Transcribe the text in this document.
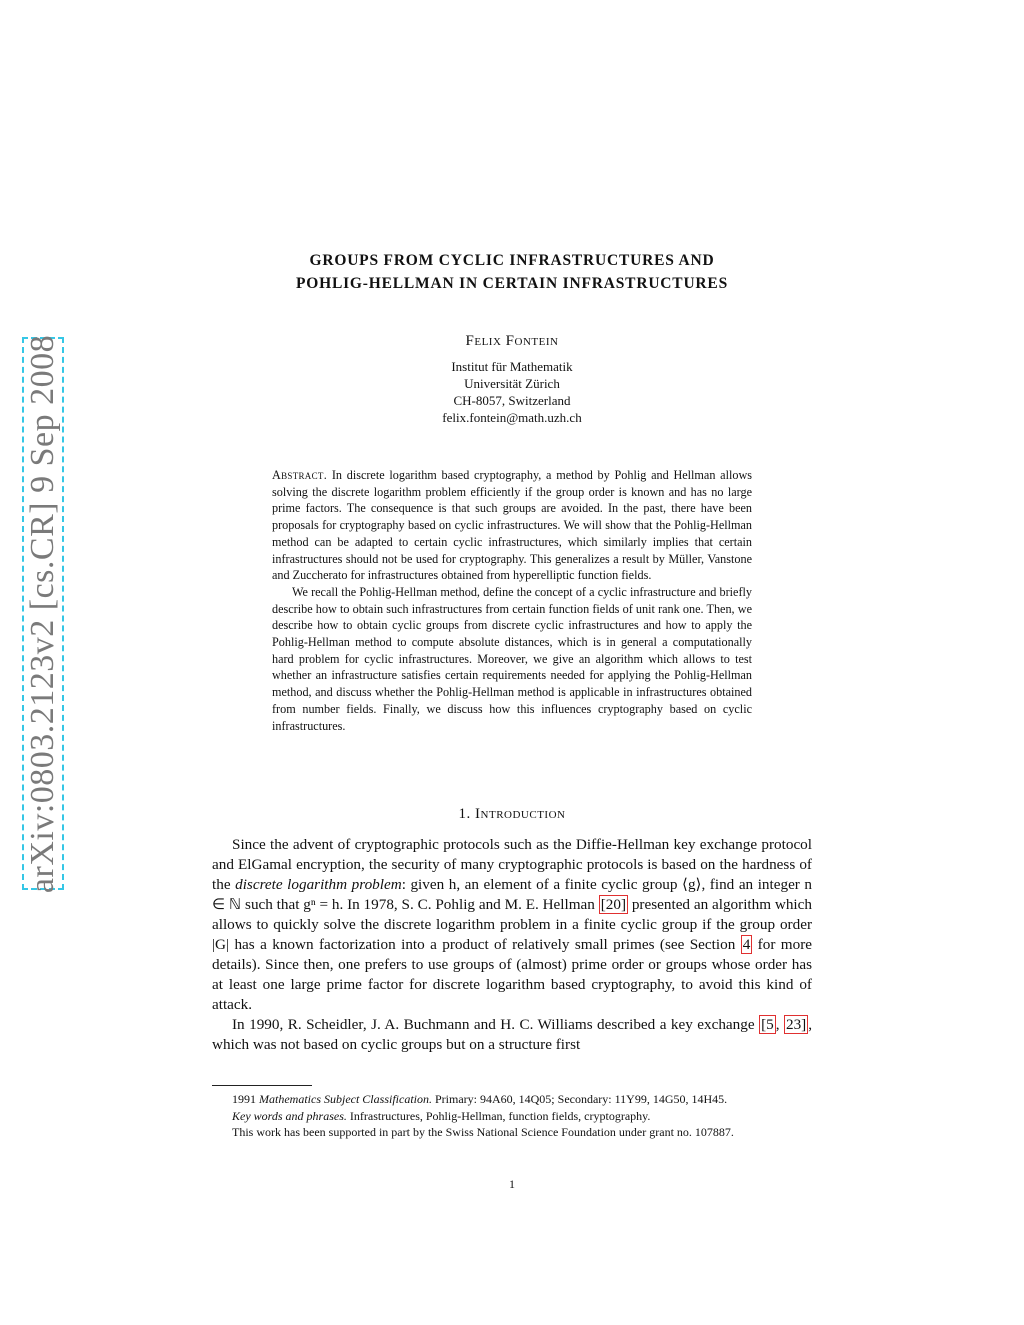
arXiv:0803.2123v2 [cs.CR] 9 Sep 2008
GROUPS FROM CYCLIC INFRASTRUCTURES AND
POHLIG-HELLMAN IN CERTAIN INFRASTRUCTURES
Felix Fontein
Institut für Mathematik
Universität Zürich
CH-8057, Switzerland
felix.fontein@math.uzh.ch

Abstract. In discrete logarithm based cryptography, a method by Pohlig and Hellman allows solving the discrete logarithm problem efficiently if the group order is known and has no large prime factors. The consequence is that such groups are avoided. In the past, there have been proposals for cryptography based on cyclic infrastructures. We will show that the Pohlig-Hellman method can be adapted to certain cyclic infrastructures, which similarly implies that certain infrastructures should not be used for cryptography. This generalizes a result by Müller, Vanstone and Zuccherato for infrastructures obtained from hyperelliptic function fields.

We recall the Pohlig-Hellman method, define the concept of a cyclic infrastructure and briefly describe how to obtain such infrastructures from certain function fields of unit rank one. Then, we describe how to obtain cyclic groups from discrete cyclic infrastructures and how to apply the Pohlig-Hellman method to compute absolute distances, which is in general a computationally hard problem for cyclic infrastructures. Moreover, we give an algorithm which allows to test whether an infrastructure satisfies certain requirements needed for applying the Pohlig-Hellman method, and discuss whether the Pohlig-Hellman method is applicable in infrastructures obtained from number fields. Finally, we discuss how this influences cryptography based on cyclic infrastructures.

1. Introduction

Since the advent of cryptographic protocols such as the Diffie-Hellman key exchange protocol and ElGamal encryption, the security of many cryptographic protocols is based on the hardness of the discrete logarithm problem: given h, an element of a finite cyclic group ⟨g⟩, find an integer n ∈ ℕ such that gⁿ = h. In 1978, S. C. Pohlig and M. E. Hellman [20] presented an algorithm which allows to quickly solve the discrete logarithm problem in a finite cyclic group if the group order |G| has a known factorization into a product of relatively small primes (see Section 4 for more details). Since then, one prefers to use groups of (almost) prime order or groups whose order has at least one large prime factor for discrete logarithm based cryptography, to avoid this kind of attack.

In 1990, R. Scheidler, J. A. Buchmann and H. C. Williams described a key exchange [5 , 23] , which was not based on cyclic groups but on a structure first

1991 Mathematics Subject Classification. Primary: 94A60, 14Q05; Secondary: 11Y99, 14G50, 14H45.

Key words and phrases. Infrastructures, Pohlig-Hellman, function fields, cryptography.

This work has been supported in part by the Swiss National Science Foundation under grant no. 107887.

1
